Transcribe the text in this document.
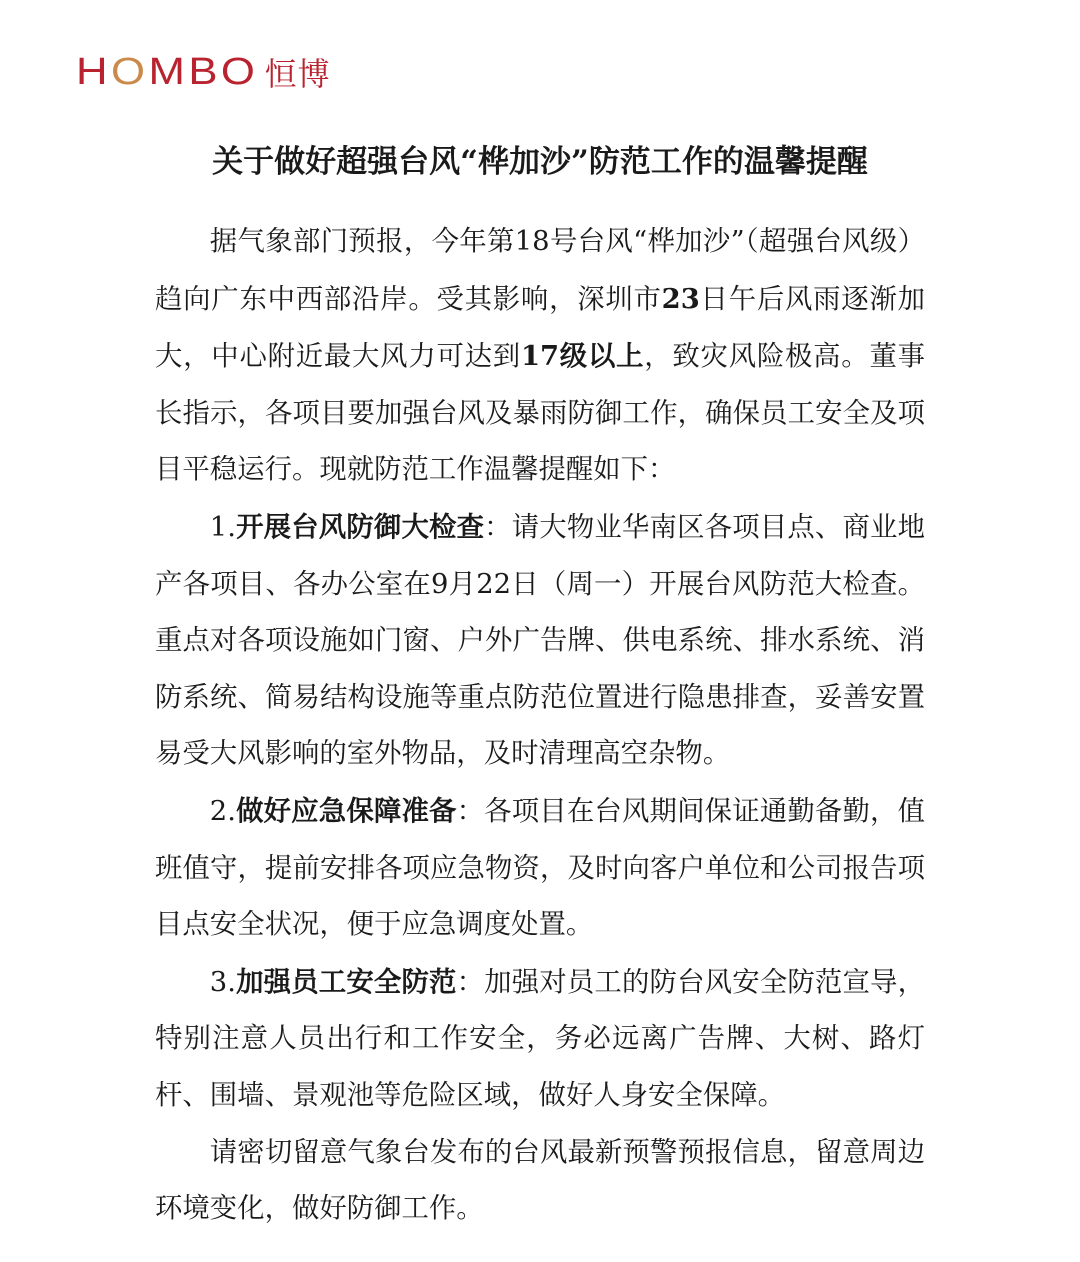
HOMBO 恒博
关于做好超强台风“桦加沙”防范工作的温馨提醒

据气象部门预报，今年第18号台风“桦加沙”（超强台风级）趋向广东中西部沿岸。受其影响，深圳市23日午后风雨逐渐加大，中心附近最大风力可达到17级以上，致灾风险极高。董事长指示，各项目要加强台风及暴雨防御工作，确保员工安全及项目平稳运行。现就防范工作温馨提醒如下：

1.开展台风防御大检查：请大物业华南区各项目点、商业地产各项目、各办公室在9月22日（周一）开展台风防范大检查。重点对各项设施如门窗、户外广告牌、供电系统、排水系统、消防系统、简易结构设施等重点防范位置进行隐患排查，妥善安置易受大风影响的室外物品，及时清理高空杂物。

2.做好应急保障准备：各项目在台风期间保证通勤备勤，值班值守，提前安排各项应急物资，及时向客户单位和公司报告项目点安全状况，便于应急调度处置。

3.加强员工安全防范：加强对员工的防台风安全防范宣导，特别注意人员出行和工作安全，务必远离广告牌、大树、路灯杆、围墙、景观池等危险区域，做好人身安全保障。

请密切留意气象台发布的台风最新预警预报信息，留意周边环境变化，做好防御工作。
